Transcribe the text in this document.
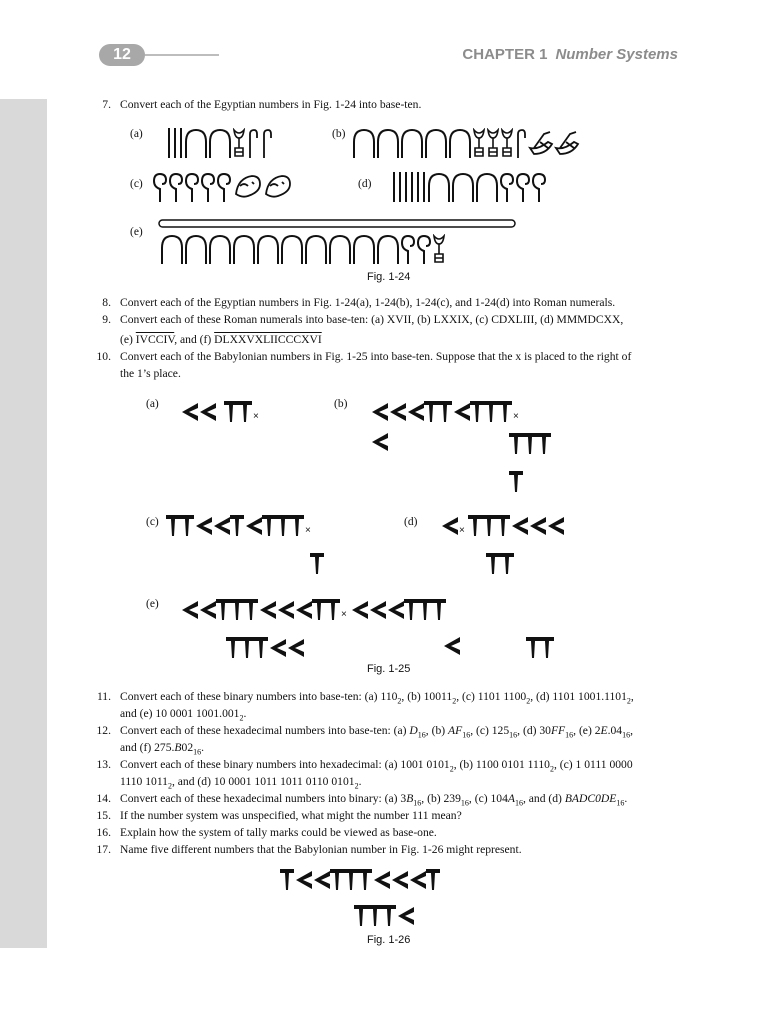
12	CHAPTER 1 Number Systems
7. Convert each of the Egyptian numbers in Fig. 1-24 into base-ten.
(a)	(b)
(c)	(d)
(e)
Fig. 1-24
8. Convert each of the Egyptian numbers in Fig. 1-24(a), 1-24(b), 1-24(c), and 1-24(d) into Roman numerals.
9. Convert each of these Roman numerals into base-ten: (a) XVII, (b) LXXIX, (c) CDXLIII, (d) MMMDCXX,
(e) IVCCIV, and (f) DLXXVXLIICCCXVI
10. Convert each of the Babylonian numbers in Fig. 1-25 into base-ten. Suppose that the x is placed to the right of
the 1’s place.
(a)
×
(b)
×
(c)
×
(d)
×
(e)
×
Fig. 1-25
11. Convert each of these binary numbers into base-ten: (a) $110_2$, (b) $10011_2$, (c) 1101 $1100_2$, (d) 1101 $1001.1101_2$,
and (e) 10 0001 $1001.001_2$.
12. Convert each of these hexadecimal numbers into base-ten: (a) $D_{16}$, (b) $AF_{16}$, (c) $125_{16}$, (d) $30FF_{16}$, (e) $2E.04_{16}$,
and (f) $275.B02_{16}$.
13. Convert each of these binary numbers into hexadecimal: (a) 1001 $0101_2$, (b) 1100 0101 $1110_2$, (c) 1 0111 0000
1110 $1011_2$, and (d) 10 0001 1011 1011 0110 $0101_2$.
14. Convert each of these hexadecimal numbers into binary: (a) $3B_{16}$, (b) $239_{16}$, (c) $104A_{16}$, and (d) $BADC0DE_{16}$.
15. If the number system was unspecified, what might the number 111 mean?
16. Explain how the system of tally marks could be viewed as base-one.
17. Name five different numbers that the Babylonian number in Fig. 1-26 might represent.
Fig. 1-26
